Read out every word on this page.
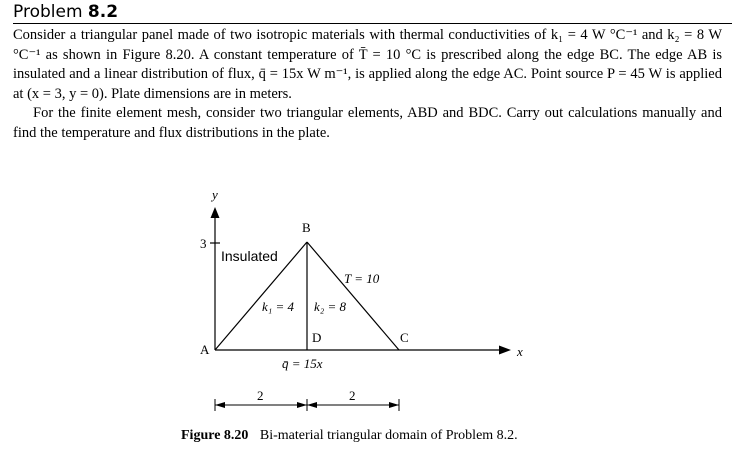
Problem 8.2

Consider a triangular panel made of two isotropic materials with thermal conductivities of k₁ = 4 W °C⁻¹ and k₂ = 8 W °C⁻¹ as shown in Figure 8.20. A constant temperature of T̄ = 10 °C is prescribed along the edge BC. The edge AB is insulated and a linear distribution of flux, q̄ = 15x W m⁻¹, is applied along the edge AC. Point source P = 45 W is applied at (x = 3, y = 0). Plate dimensions are in meters.

For the finite element mesh, consider two triangular elements, ABD and BDC. Carry out calculations manually and find the temperature and flux distributions in the plate.

y
3
x
B
A
C
D
Insulated
T = 10
k₁ = 4 k₂ = 8
q̄ = 15x
2	2
Figure 8.20 Bi-material triangular domain of Problem 8.2.
